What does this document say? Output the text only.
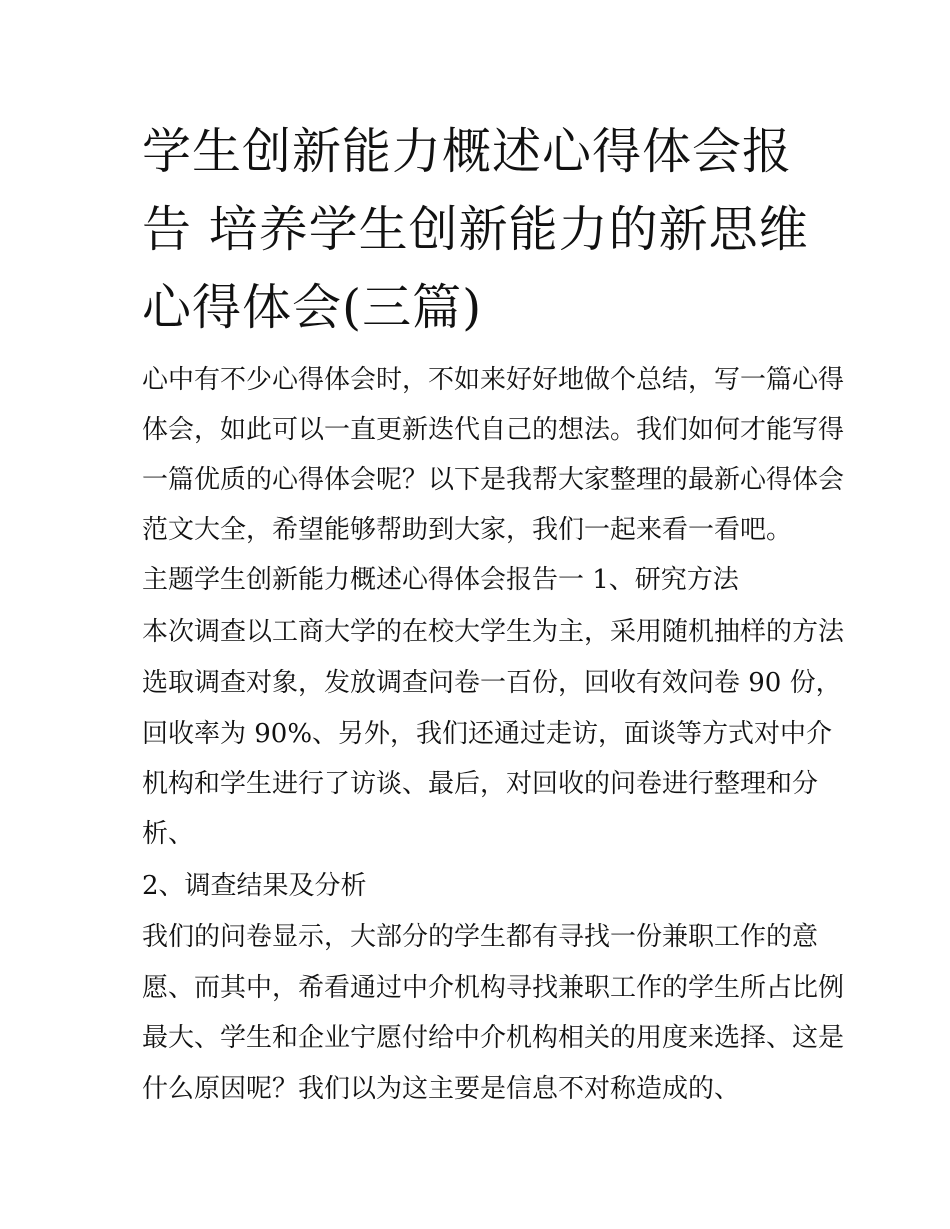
学生创新能力概述心得体会报告 培养学生创新能力的新思维心得体会(三篇)

心中有不少心得体会时，不如来好好地做个总结，写一篇心得

体会，如此可以一直更新迭代自己的想法。我们如何才能写得

一篇优质的心得体会呢？以下是我帮大家整理的最新心得体会

范文大全，希望能够帮助到大家，我们一起来看一看吧。

主题学生创新能力概述心得体会报告一 1、研究方法

本次调查以工商大学的在校大学生为主，采用随机抽样的方法

选取调查对象，发放调查问卷一百份，回收有效问卷 90 份，

回收率为 90%、另外，我们还通过走访，面谈等方式对中介

机构和学生进行了访谈、最后，对回收的问卷进行整理和分

析、

2、调查结果及分析

我们的问卷显示，大部分的学生都有寻找一份兼职工作的意

愿、而其中，希看通过中介机构寻找兼职工作的学生所占比例

最大、学生和企业宁愿付给中介机构相关的用度来选择、这是

什么原因呢？我们以为这主要是信息不对称造成的、
